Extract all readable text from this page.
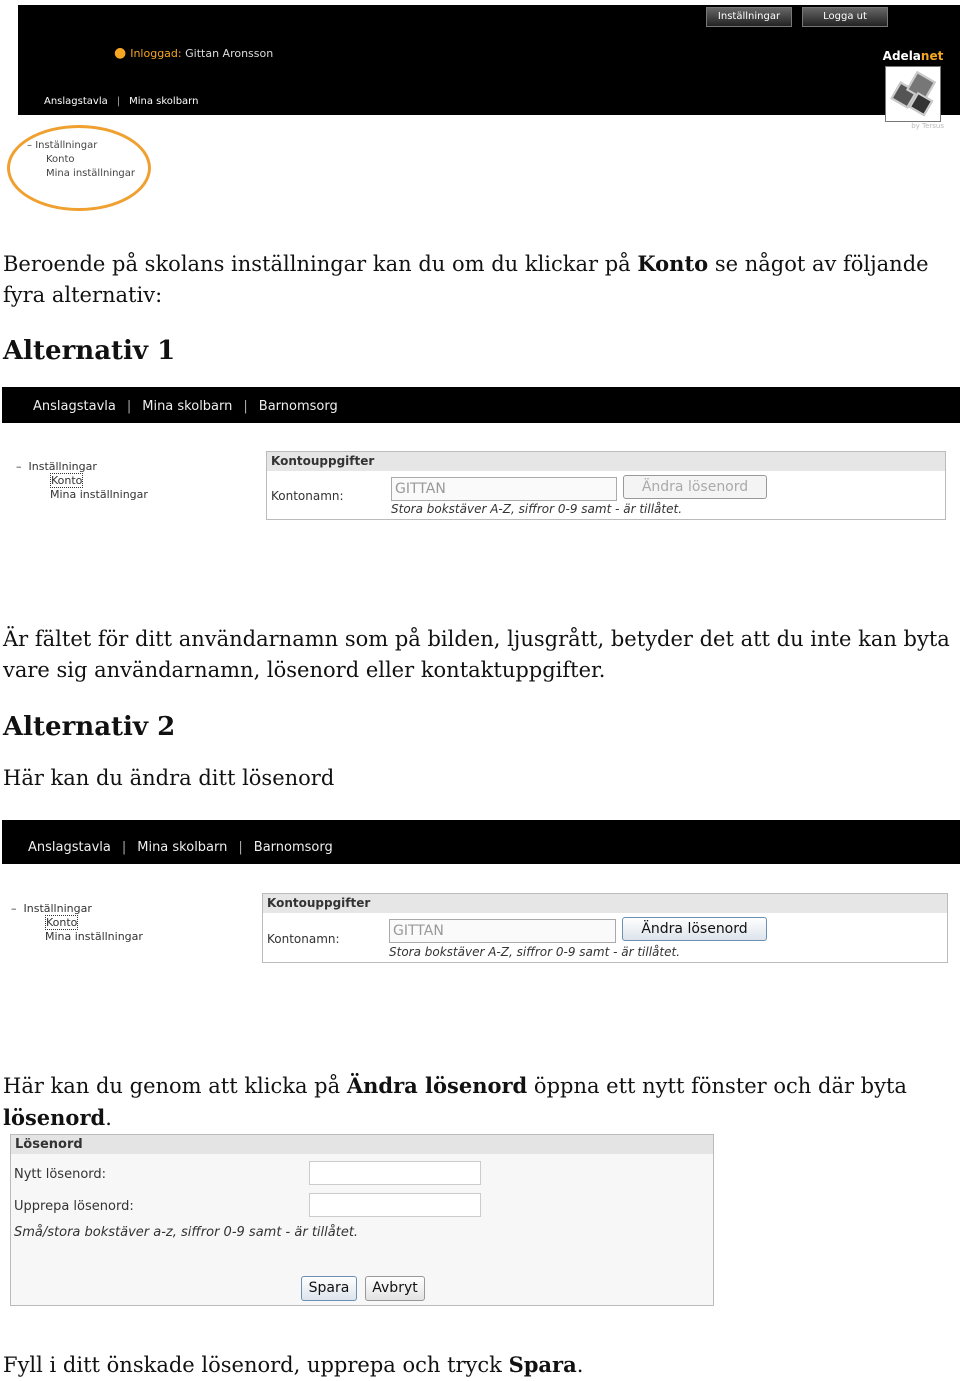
Inställningar	Logga ut
● Inloggad: Gittan Aronsson
Anslagstavla | Mina skolbarn
Adelanet
by Tersus
– Inställningar
Konto
Mina inställningar
Beroende på skolans inställningar kan du om du klickar på Konto se något av följande fyra alternativ:
Alternativ 1
Anslagstavla | Mina skolbarn | Barnomsorg
– Inställningar
Konto
Mina inställningar
Kontouppgifter
Kontonamn:	GITTAN	Ändra lösenord
Stora bokstäver A-Z, siffror 0-9 samt - är tillåtet.
Är fältet för ditt användarnamn som på bilden, ljusgrått, betyder det att du inte kan byta vare sig användarnamn, lösenord eller kontaktuppgifter.
Alternativ 2
Här kan du ändra ditt lösenord
Anslagstavla | Mina skolbarn | Barnomsorg
– Inställningar
Konto
Mina inställningar
Kontouppgifter
Kontonamn:	GITTAN	Ändra lösenord
Stora bokstäver A-Z, siffror 0-9 samt - är tillåtet.
Här kan du genom att klicka på Ändra lösenord öppna ett nytt fönster och där byta lösenord.
Lösenord
Nytt lösenord:
Upprepa lösenord:
Små/stora bokstäver a-z, siffror 0-9 samt - är tillåtet.
Spara	Avbryt
Fyll i ditt önskade lösenord, upprepa och tryck Spara.
